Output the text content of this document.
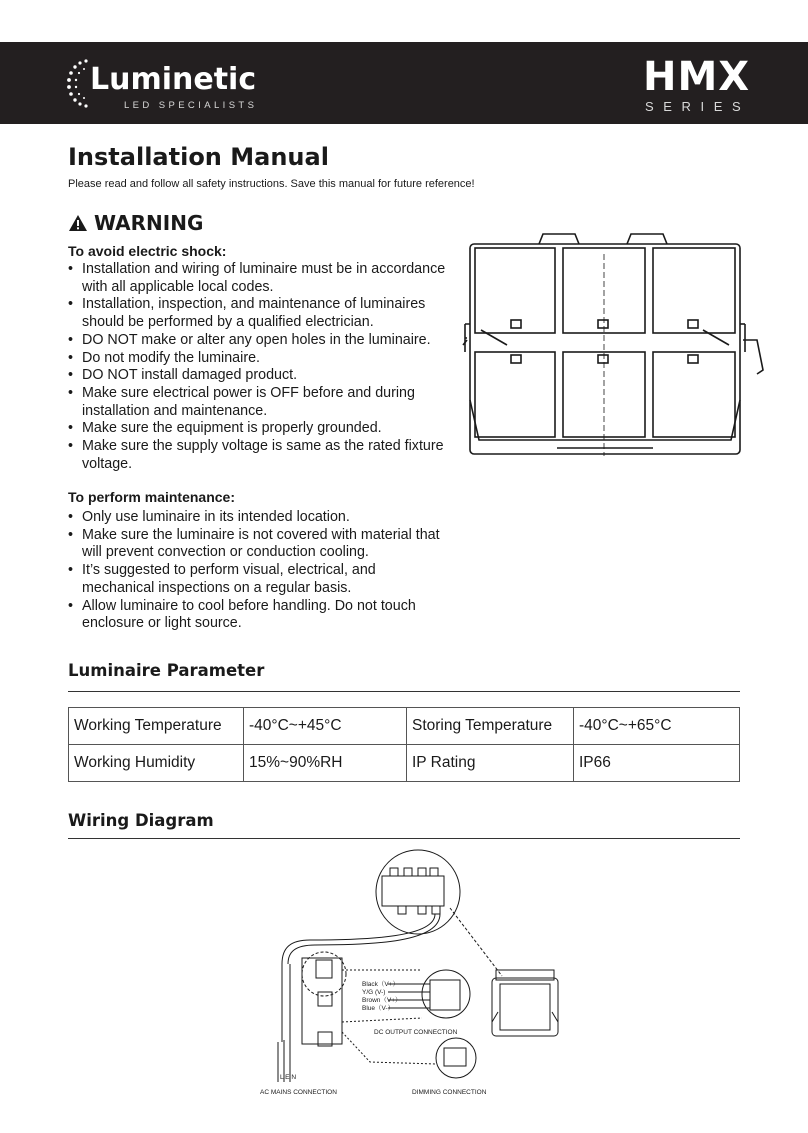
Luminetic
LED SPECIALISTS
HMX
SERIES
Installation Manual
Please read and follow all safety instructions. Save this manual for future reference!
WARNING
To avoid electric shock:
• Installation and wiring of luminaire must be in accordance with all applicable local codes.
• Installation, inspection, and maintenance of luminaires should be performed by a qualified electrician.
• DO NOT make or alter any open holes in the luminaire.
• Do not modify the luminaire.
• DO NOT install damaged product.
• Make sure electrical power is OFF before and during installation and maintenance.
• Make sure the equipment is properly grounded.
• Make sure the supply voltage is same as the rated fixture voltage.
To perform maintenance:
• Only use luminaire in its intended location.
• Make sure the luminaire is not covered with material that will prevent convection or conduction cooling.
• It’s suggested to perform visual, electrical, and mechanical inspections on a regular basis.
• Allow luminaire to cool before handling. Do not touch enclosure or light source.
Luminaire Parameter
Working Temperature	-40°C~+45°C	Storing Temperature	-40°C~+65°C
Working Humidity	15%~90%RH	IP Rating	IP66
Wiring Diagram
Black（V+）
Y/G (V-)
Brown（V+）
Blue（V-）
DC OUTPUT CONNECTION
L E N
AC MAINS CONNECTION	DIMMING CONNECTION
